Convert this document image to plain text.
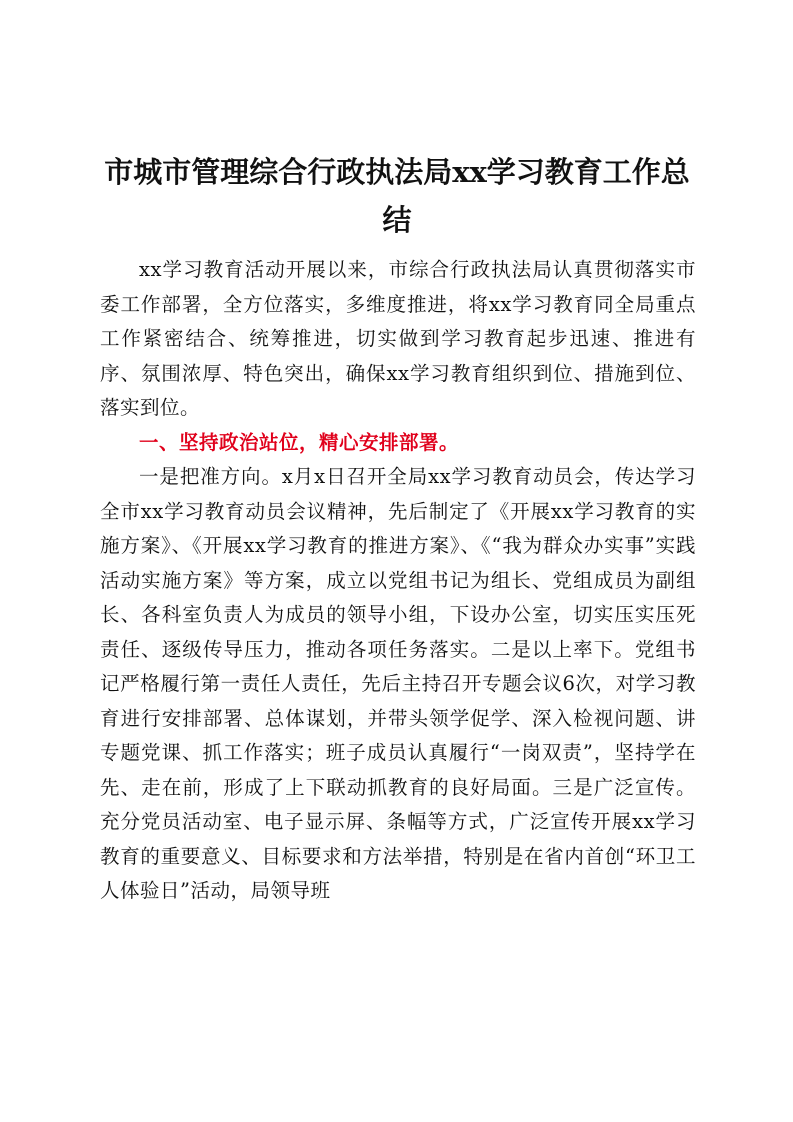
市城市管理综合行政执法局xx学习教育工作总结

xx学习教育活动开展以来，市综合行政执法局认真贯彻落实市委工作部署，全方位落实，多维度推进，将xx学习教育同全局重点工作紧密结合、统筹推进，切实做到学习教育起步迅速、推进有序、氛围浓厚、特色突出，确保xx学习教育组织到位、措施到位、落实到位。

一、坚持政治站位，精心安排部署。

一是把准方向。x月x日召开全局xx学习教育动员会，传达学习全市xx学习教育动员会议精神，先后制定了《开展xx学习教育的实施方案》、《开展xx学习教育的推进方案》、《“我为群众办实事”实践活动实施方案》等方案，成立以党组书记为组长、党组成员为副组长、各科室负责人为成员的领导小组，下设办公室，切实压实压死责任、逐级传导压力，推动各项任务落实。二是以上率下。党组书记严格履行第一责任人责任，先后主持召开专题会议6次，对学习教育进行安排部署、总体谋划，并带头领学促学、深入检视问题、讲专题党课、抓工作落实；班子成员认真履行“一岗双责”，坚持学在先、走在前，形成了上下联动抓教育的良好局面。三是广泛宣传。充分党员活动室、电子显示屏、条幅等方式，广泛宣传开展xx学习教育的重要意义、目标要求和方法举措，特别是在省内首创“环卫工人体验日”活动，局领导班
